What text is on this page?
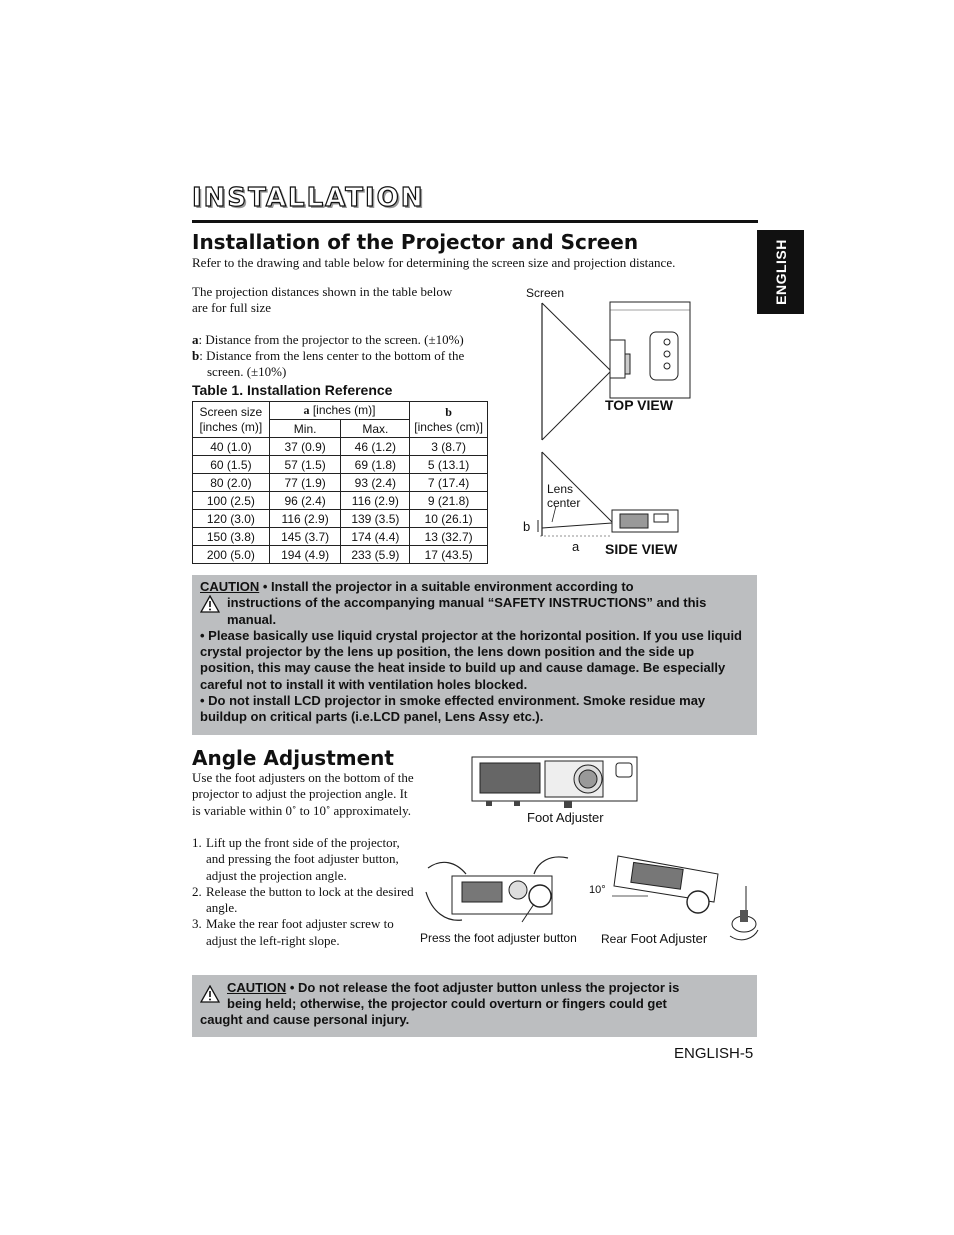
INSTALLATION
ENGLISH
Installation of the Projector and Screen
Refer to the drawing and table below for determining the screen size and projection distance.
The projection distances shown in the table below
are for full size
a: Distance from the projector to the screen. (±10%)
b: Distance from the lens center to the bottom of the
screen. (±10%)
Table 1. Installation Reference
Screen size
[inches (m)]	a [inches (m)]		b
[inches (cm)]
	Min.	Max.	
40 (1.0)	37 (0.9)	46 (1.2)	3 (8.7)
60 (1.5)	57 (1.5)	69 (1.8)	5 (13.1)
80 (2.0)	77 (1.9)	93 (2.4)	7 (17.4)
100 (2.5)	96 (2.4)	116 (2.9)	9 (21.8)
120 (3.0)	116 (2.9)	139 (3.5)	10 (26.1)
150 (3.8)	145 (3.7)	174 (4.4)	13 (32.7)
200 (5.0)	194 (4.9)	233 (5.9)	17 (43.5)
Screen
TOP VIEW
Lens
center
b
a SIDE VIEW
CAUTION • Install the projector in a suitable environment according to
instructions of the accompanying manual “SAFETY INSTRUCTIONS” and this manual.
• Please basically use liquid crystal projector at the horizontal position. If you use liquid crystal projector by the lens up position, the lens down position and the side up position, this may cause the heat inside to build up and cause damage. Be especially careful not to install it with ventilation holes blocked.
• Do not install LCD projector in smoke effected environment. Smoke residue may buildup on critical parts (i.e.LCD panel, Lens Assy etc.).
Angle Adjustment
Use the foot adjusters on the bottom of the projector to adjust the projection angle. It is variable within 0˚ to 10˚ approximately.
1. Lift up the front side of the projector, and pressing the foot adjuster button, adjust the projection angle.
2. Release the button to lock at the desired angle.
3. Make the rear foot adjuster screw to adjust the left-right slope.
Foot Adjuster
Press the foot adjuster button
10°
Rear Foot Adjuster
CAUTION • Do not release the foot adjuster button unless the projector is
being held; otherwise, the projector could overturn or fingers could get
caught and cause personal injury.
ENGLISH-5
